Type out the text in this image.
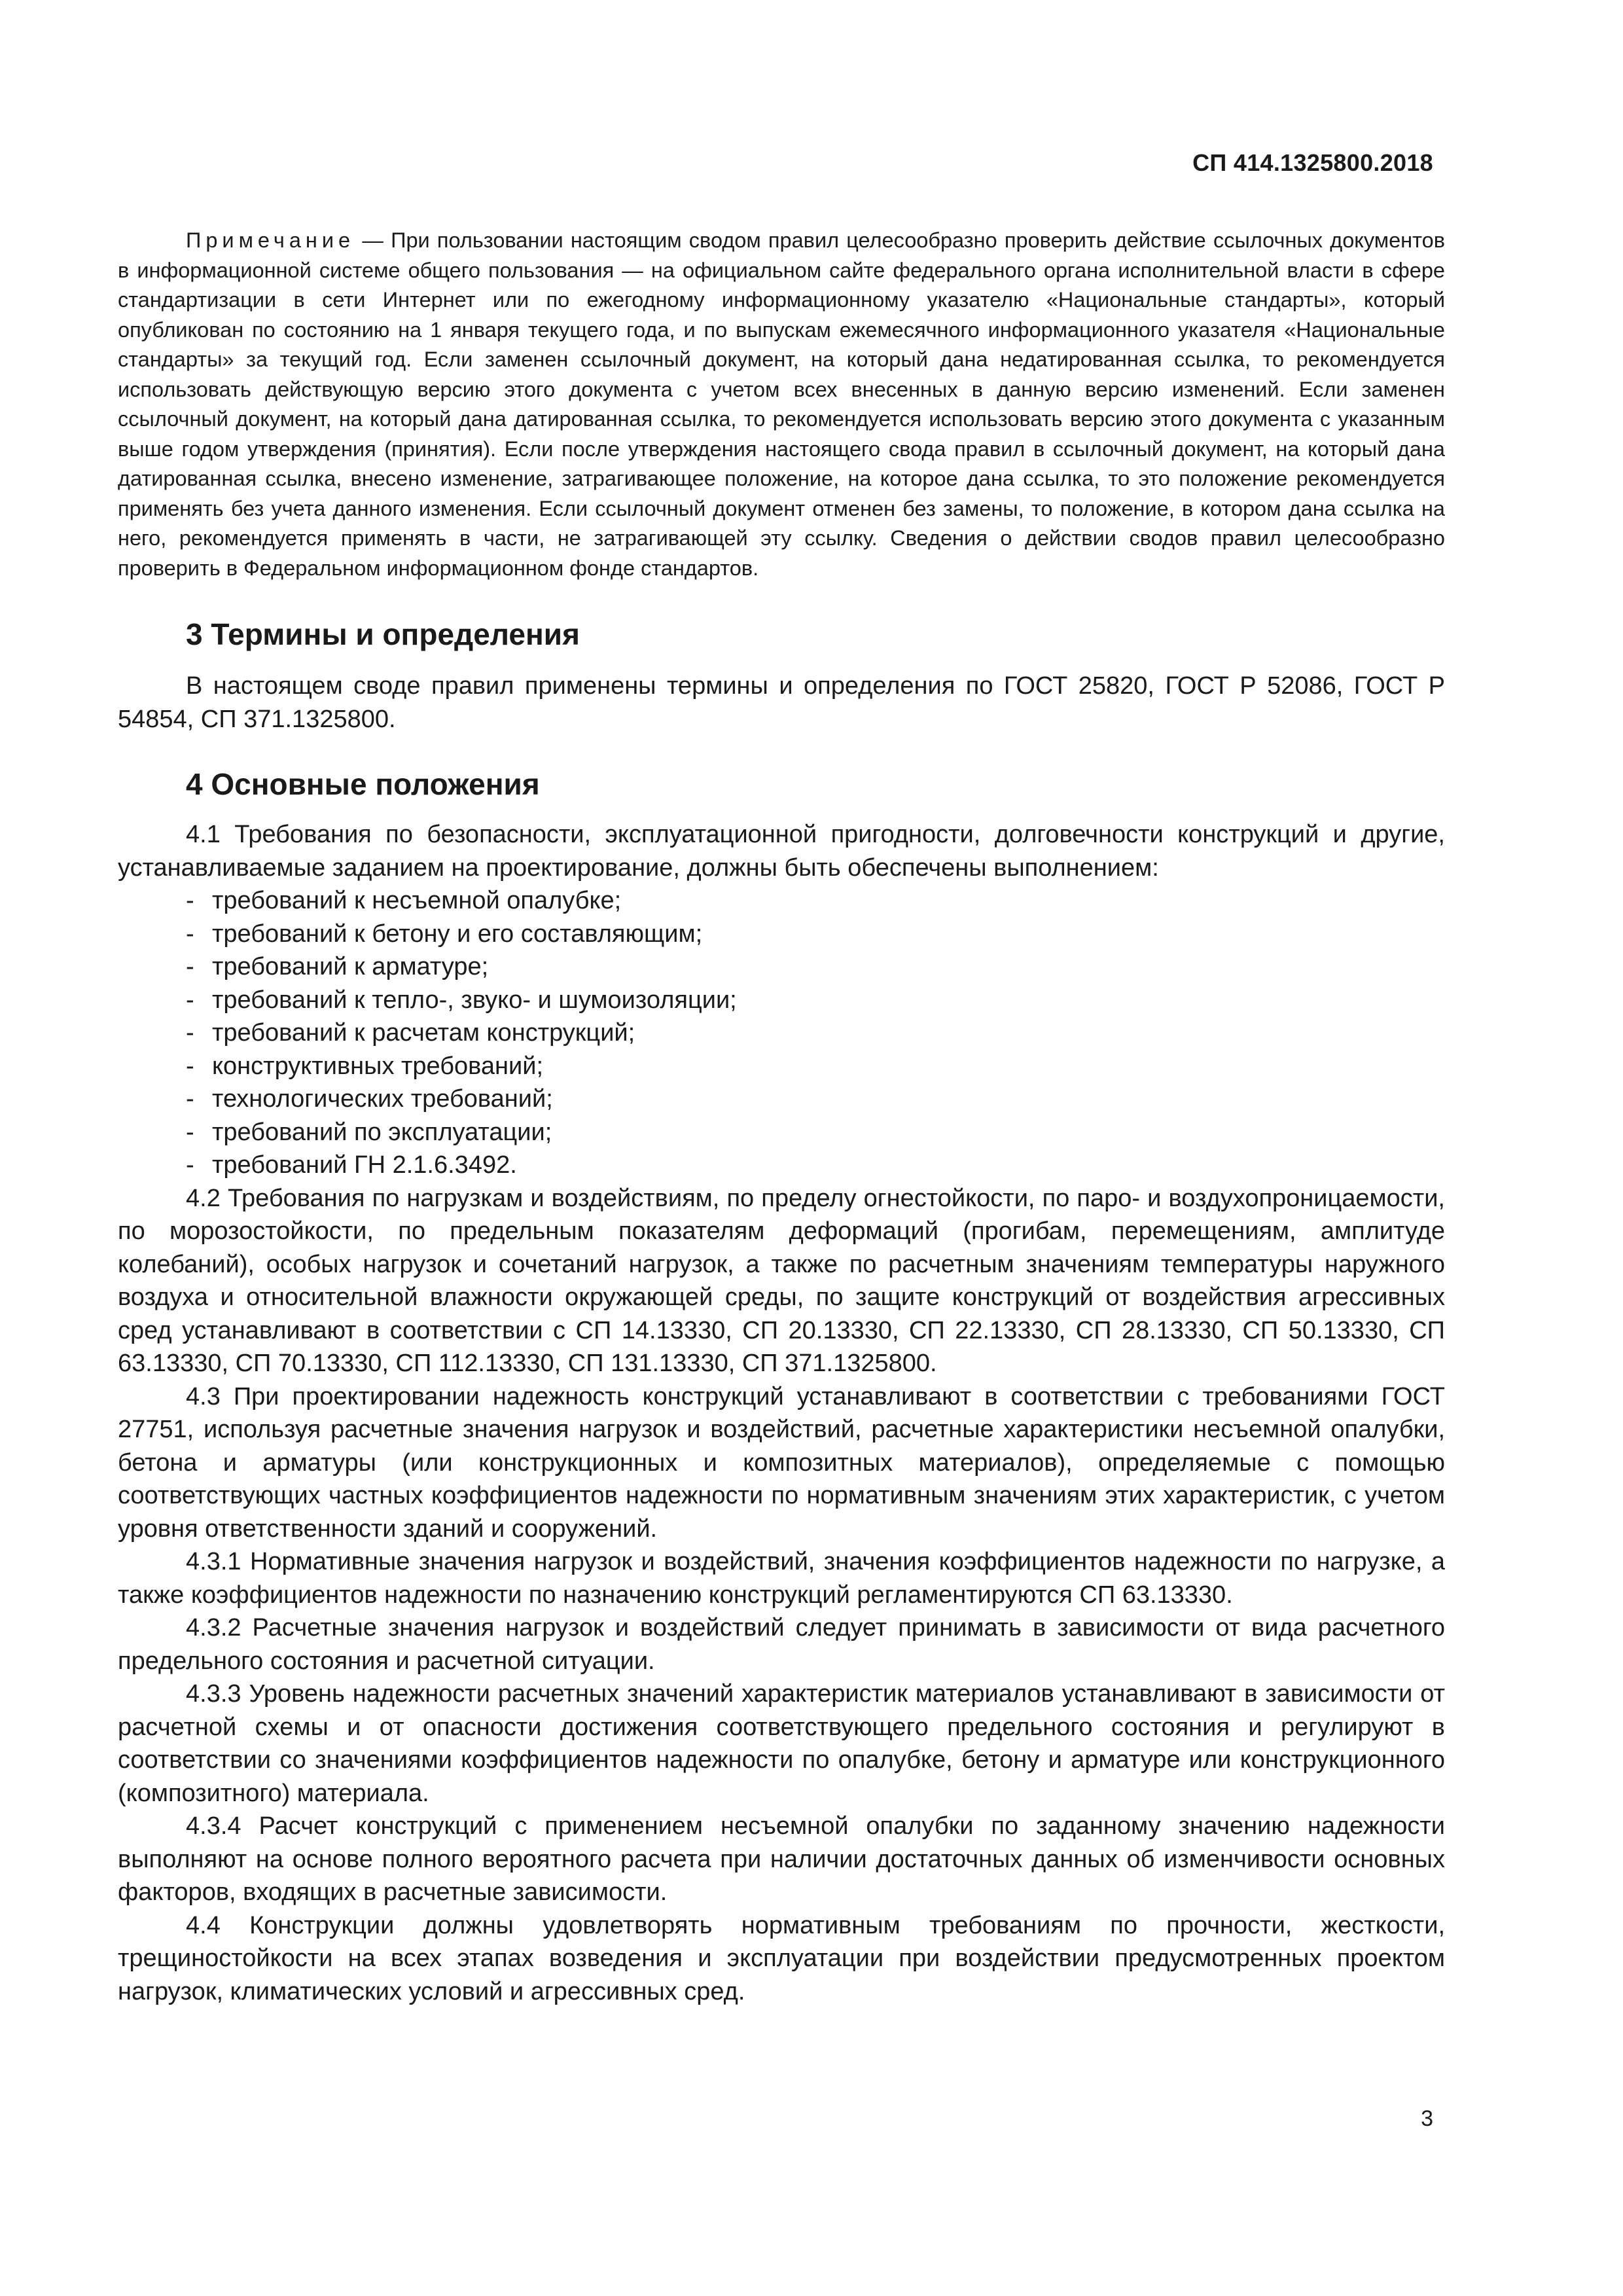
СП 414.1325800.2018
Примечание — При пользовании настоящим сводом правил целесообразно проверить действие ссылочных документов в информационной системе общего пользования — на официальном сайте федерального органа исполнительной власти в сфере стандартизации в сети Интернет или по ежегодному информационному указателю «Национальные стандарты», который опубликован по состоянию на 1 января текущего года, и по выпускам ежемесячного информационного указателя «Национальные стандарты» за текущий год. Если заменен ссылочный документ, на который дана недатированная ссылка, то рекомендуется использовать действующую версию этого документа с учетом всех внесенных в данную версию изменений. Если заменен ссылочный документ, на который дана датированная ссылка, то рекомендуется использовать версию этого документа с указанным выше годом утверждения (принятия). Если после утверждения настоящего свода правил в ссылочный документ, на который дана датированная ссылка, внесено изменение, затрагивающее положение, на которое дана ссылка, то это положение рекомендуется применять без учета данного изменения. Если ссылочный документ отменен без замены, то положение, в котором дана ссылка на него, рекомендуется применять в части, не затрагивающей эту ссылку. Сведения о действии сводов правил целесообразно проверить в Федеральном информационном фонде стандартов.
3 Термины и определения

В настоящем своде правил применены термины и определения по ГОСТ 25820, ГОСТ Р 52086, ГОСТ Р 54854, СП 371.1325800.

4 Основные положения

4.1 Требования по безопасности, эксплуатационной пригодности, долговечности конструкций и другие, устанавливаемые заданием на проектирование, должны быть обеспечены выполнением:

- требований к несъемной опалубке;
- требований к бетону и его составляющим;
- требований к арматуре;
- требований к тепло-, звуко- и шумоизоляции;
- требований к расчетам конструкций;
- конструктивных требований;
- технологических требований;
- требований по эксплуатации;
- требований ГН 2.1.6.3492.

4.2 Требования по нагрузкам и воздействиям, по пределу огнестойкости, по паро- и воздухопроницаемости, по морозостойкости, по предельным показателям деформаций (прогибам, перемещениям, амплитуде колебаний), особых нагрузок и сочетаний нагрузок, а также по расчетным значениям температуры наружного воздуха и относительной влажности окружающей среды, по защите конструкций от воздействия агрессивных сред устанавливают в соответствии с СП 14.13330, СП 20.13330, СП 22.13330, СП 28.13330, СП 50.13330, СП 63.13330, СП 70.13330, СП 112.13330, СП 131.13330, СП 371.1325800.

4.3 При проектировании надежность конструкций устанавливают в соответствии с требованиями ГОСТ 27751, используя расчетные значения нагрузок и воздействий, расчетные характеристики несъемной опалубки, бетона и арматуры (или конструкционных и композитных материалов), определяемые с помощью соответствующих частных коэффициентов надежности по нормативным значениям этих характеристик, с учетом уровня ответственности зданий и сооружений.

4.3.1 Нормативные значения нагрузок и воздействий, значения коэффициентов надежности по нагрузке, а также коэффициентов надежности по назначению конструкций регламентируются СП 63.13330.

4.3.2 Расчетные значения нагрузок и воздействий следует принимать в зависимости от вида расчетного предельного состояния и расчетной ситуации.

4.3.3 Уровень надежности расчетных значений характеристик материалов устанавливают в зависимости от расчетной схемы и от опасности достижения соответствующего предельного состояния и регулируют в соответствии со значениями коэффициентов надежности по опалубке, бетону и арматуре или конструкционного (композитного) материала.

4.3.4 Расчет конструкций с применением несъемной опалубки по заданному значению надежности выполняют на основе полного вероятного расчета при наличии достаточных данных об изменчивости основных факторов, входящих в расчетные зависимости.

4.4 Конструкции должны удовлетворять нормативным требованиям по прочности, жесткости, трещиностойкости на всех этапах возведения и эксплуатации при воздействии предусмотренных проектом нагрузок, климатических условий и агрессивных сред.

3
